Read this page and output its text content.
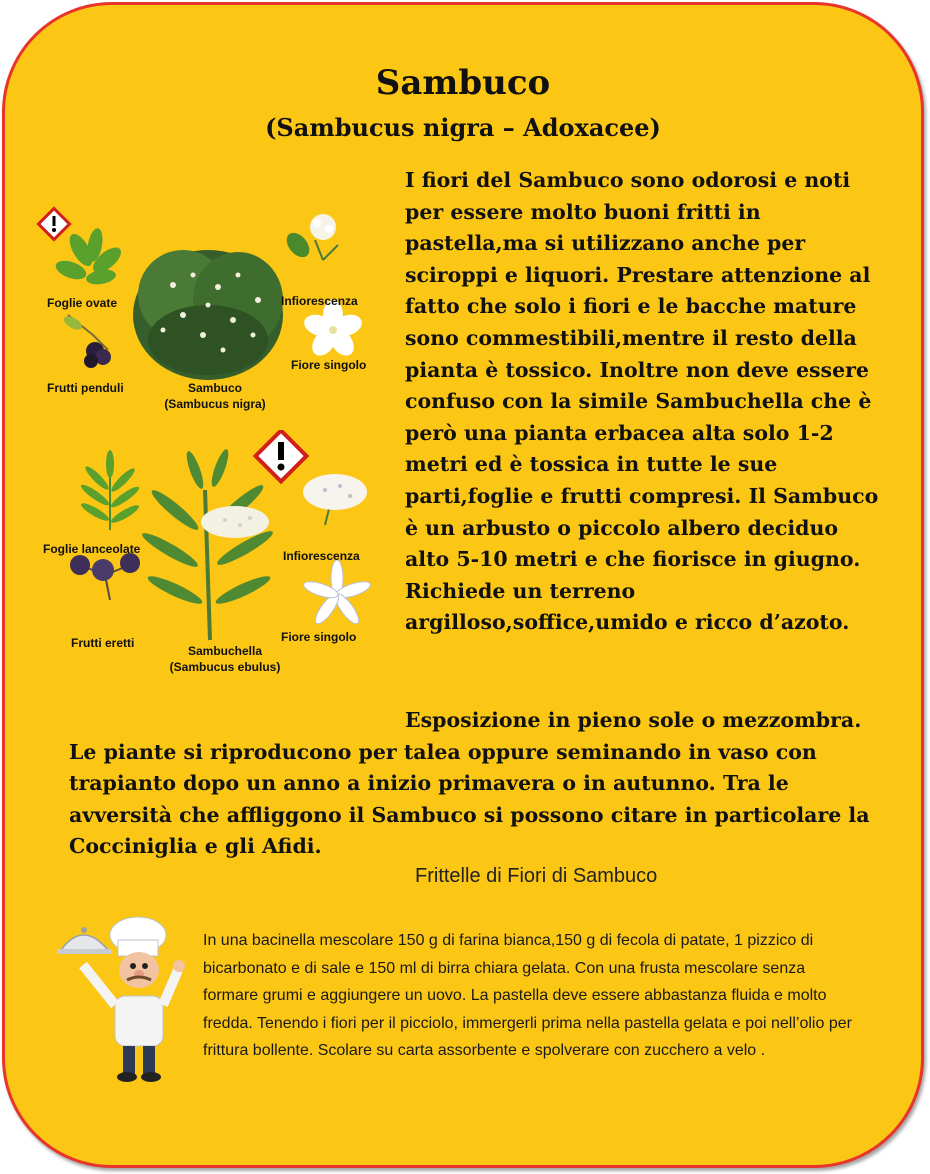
Sambuco
(Sambucus nigra – Adoxacee)
Foglie ovate
Frutti penduli
Infiorescenza
Fiore singolo
Sambuco
(Sambucus nigra)
Foglie lanceolate
Frutti eretti
Infiorescenza
Fiore singolo
Sambuchella
(Sambucus ebulus)

I fiori del Sambuco sono odorosi e noti per essere molto buoni fritti in pastella,ma si utilizzano anche per sciroppi e liquori. Prestare attenzione al fatto che solo i fiori e le bacche mature sono commestibili,mentre il resto della pianta è tossico. Inoltre non deve essere confuso con la simile Sambuchella che è però una pianta erbacea alta solo 1-2 metri ed è tossica in tutte le sue parti,foglie e frutti compresi. Il Sambuco è un arbusto o piccolo albero deciduo alto 5-10 metri e che fiorisce in giugno. Richiede un terreno argilloso,soffice,umido e ricco d’azoto.

Esposizione in pieno sole o mezzombra. Le piante si riproducono per talea oppure seminando in vaso con trapianto dopo un anno a inizio primavera o in autunno. Tra le avversità che affliggono il Sambuco si possono citare in particolare la Cocciniglia e gli Afidi.

Frittelle di Fiori di Sambuco

In una bacinella mescolare 150 g di farina bianca,150 g di fecola di patate, 1 pizzico di bicarbonato e di sale e 150 ml di birra chiara gelata. Con una frusta mescolare senza formare grumi e aggiungere un uovo. La pastella deve essere abbastanza fluida e molto fredda. Tenendo i fiori per il picciolo, immergerli prima nella pastella gelata e poi nell’olio per frittura bollente. Scolare su carta assorbente e spolverare con zucchero a velo .
